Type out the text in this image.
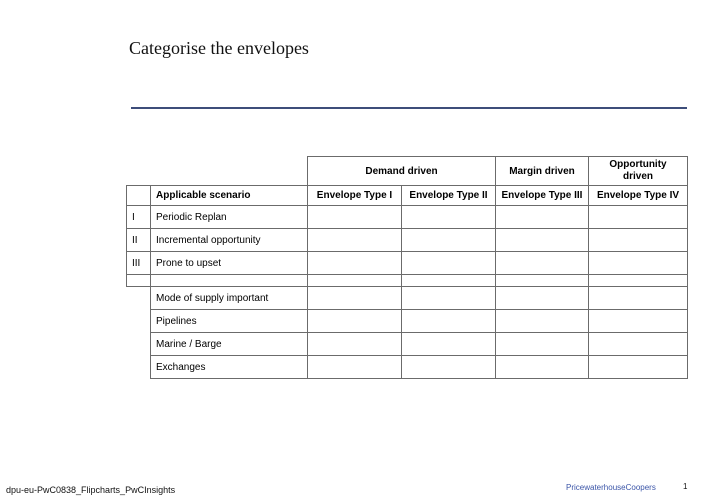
Categorise the envelopes
		Demand driven		Margin driven	Opportunity driven
	Applicable scenario	Envelope Type I	Envelope Type II	Envelope Type III	Envelope Type IV
I	Periodic Replan				
II	Incremental opportunity				
III	Prone to upset				

	Mode of supply important				
	Pipelines				
	Marine / Barge				
	Exchanges				
dpu-eu-PwC0838_Flipcharts_PwCInsights	PricewaterhouseCoopers	1
